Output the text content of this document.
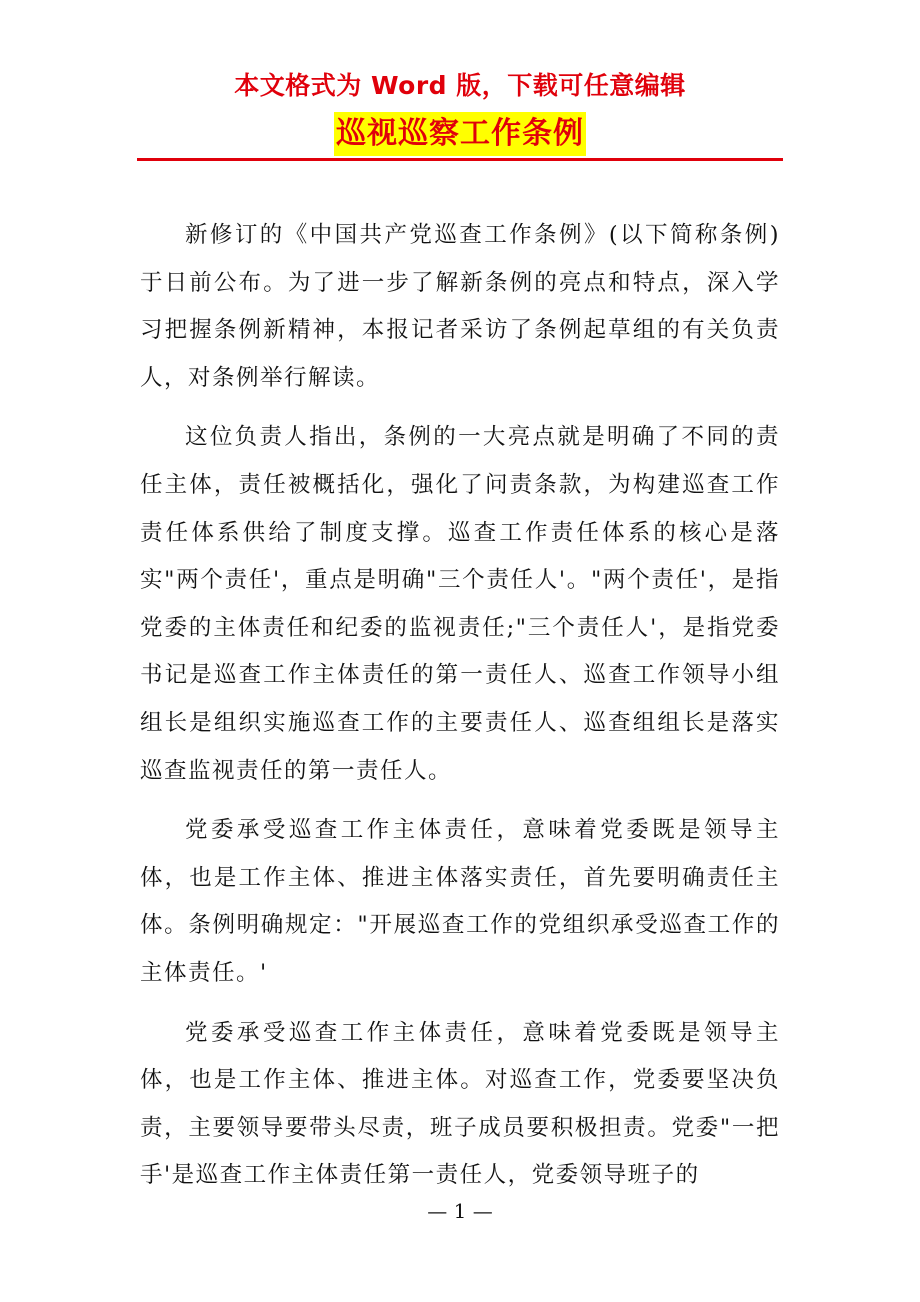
本文格式为 Word 版，下载可任意编辑
巡视巡察工作条例

新修订的《中国共产党巡查工作条例》(以下简称条例)于日前公布。为了进一步了解新条例的亮点和特点，深入学习把握条例新精神，本报记者采访了条例起草组的有关负责人，对条例举行解读。

这位负责人指出，条例的一大亮点就是明确了不同的责任主体，责任被概括化，强化了问责条款，为构建巡查工作责任体系供给了制度支撑。巡查工作责任体系的核心是落实"两个责任'，重点是明确"三个责任人'。"两个责任'，是指党委的主体责任和纪委的监视责任;"三个责任人'，是指党委书记是巡查工作主体责任的第一责任人、巡查工作领导小组组长是组织实施巡查工作的主要责任人、巡查组组长是落实巡查监视责任的第一责任人。

党委承受巡查工作主体责任，意味着党委既是领导主体，也是工作主体、推进主体落实责任，首先要明确责任主体。条例明确规定："开展巡查工作的党组织承受巡查工作的主体责任。'

党委承受巡查工作主体责任，意味着党委既是领导主体，也是工作主体、推进主体。对巡查工作，党委要坚决负责，主要领导要带头尽责，班子成员要积极担责。党委"一把手'是巡查工作主体责任第一责任人，党委领导班子的

— 1 —
